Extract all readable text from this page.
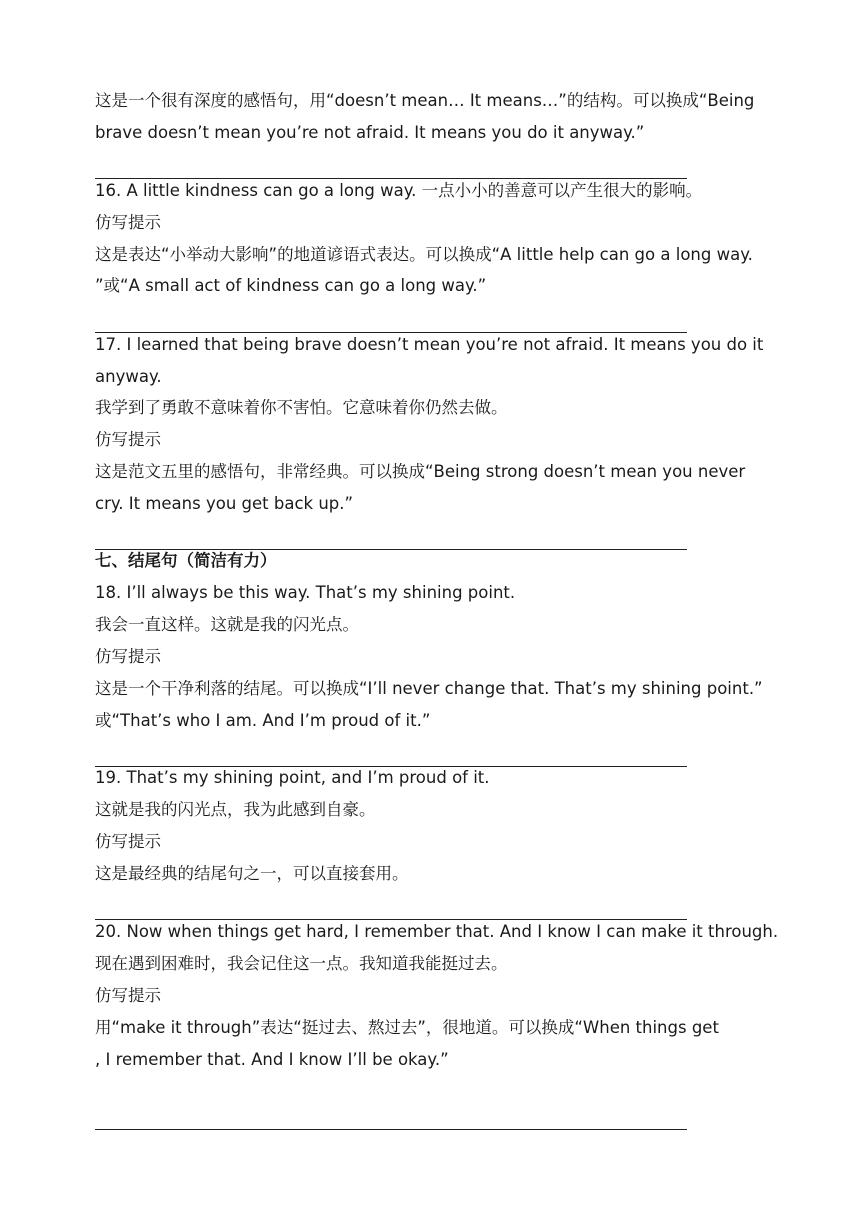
这是一个很有深度的感悟句，用“doesn’t mean… It means…”的结构。可以换成“Being
brave doesn’t mean you’re not afraid. It means you do it anyway.”
16. A little kindness can go a long way. 一点小小的善意可以产生很大的影响。
仿写提示
这是表达“小举动大影响”的地道谚语式表达。可以换成“A little help can go a long way.
”或“A small act of kindness can go a long way.”
17. I learned that being brave doesn’t mean you’re not afraid. It means you do it
anyway.
我学到了勇敢不意味着你不害怕。它意味着你仍然去做。
仿写提示
这是范文五里的感悟句，非常经典。可以换成“Being strong doesn’t mean you never
cry. It means you get back up.”
七、结尾句（简洁有力）
18. I’ll always be this way. That’s my shining point.
我会一直这样。这就是我的闪光点。
仿写提示
这是一个干净利落的结尾。可以换成“I’ll never change that. That’s my shining point.”
或“That’s who I am. And I’m proud of it.”
19. That’s my shining point, and I’m proud of it.
这就是我的闪光点，我为此感到自豪。
仿写提示
这是最经典的结尾句之一，可以直接套用。
20. Now when things get hard, I remember that. And I know I can make it through.
现在遇到困难时，我会记住这一点。我知道我能挺过去。
仿写提示
用“make it through”表达“挺过去、熬过去”，很地道。可以换成“When things get
, I remember that. And I know I’ll be okay.”
